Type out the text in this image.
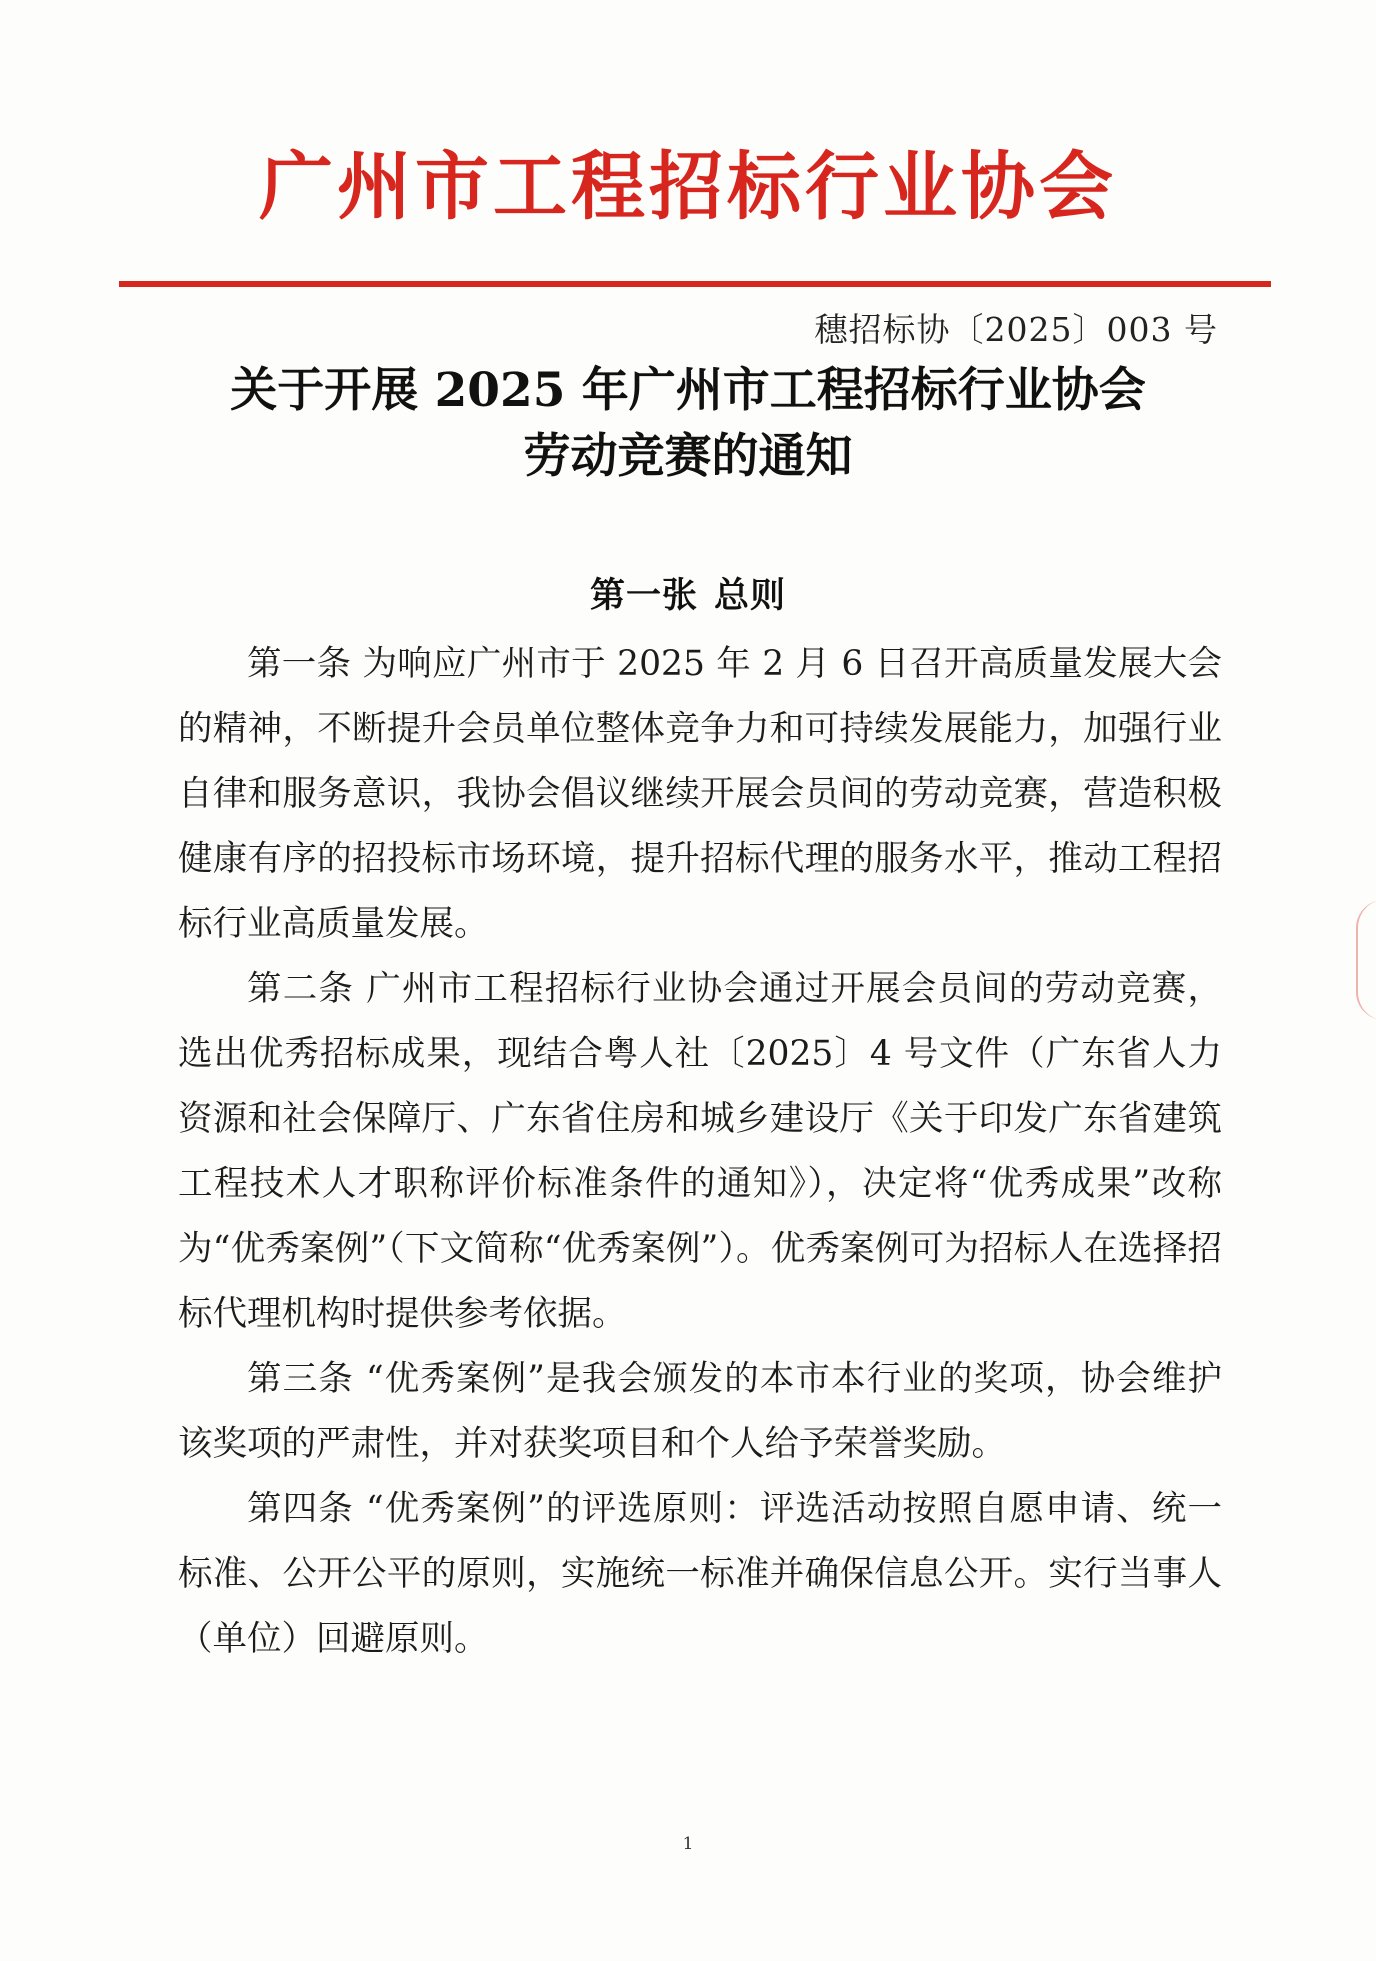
广州市工程招标行业协会
穗招标协〔2025〕003 号
关于开展 2025 年广州市工程招标行业协会
劳动竞赛的通知
第一张 总则

第一条 为响应广州市于 2025 年 2 月 6 日召开高质量发展大会的精神，不断提升会员单位整体竞争力和可持续发展能力，加强行业自律和服务意识，我协会倡议继续开展会员间的劳动竞赛，营造积极健康有序的招投标市场环境，提升招标代理的服务水平，推动工程招标行业高质量发展。

第二条 广州市工程招标行业协会通过开展会员间的劳动竞赛，选出优秀招标成果，现结合粤人社〔2025〕4 号文件（广东省人力资源和社会保障厅、广东省住房和城乡建设厅《关于印发广东省建筑工程技术人才职称评价标准条件的通知》），决定将“优秀成果”改称为“优秀案例”（下文简称“优秀案例”）。优秀案例可为招标人在选择招标代理机构时提供参考依据。

第三条 “优秀案例”是我会颁发的本市本行业的奖项，协会维护该奖项的严肃性，并对获奖项目和个人给予荣誉奖励。

第四条 “优秀案例”的评选原则：评选活动按照自愿申请、统一标准、公开公平的原则，实施统一标准并确保信息公开。实行当事人（单位）回避原则。

1
